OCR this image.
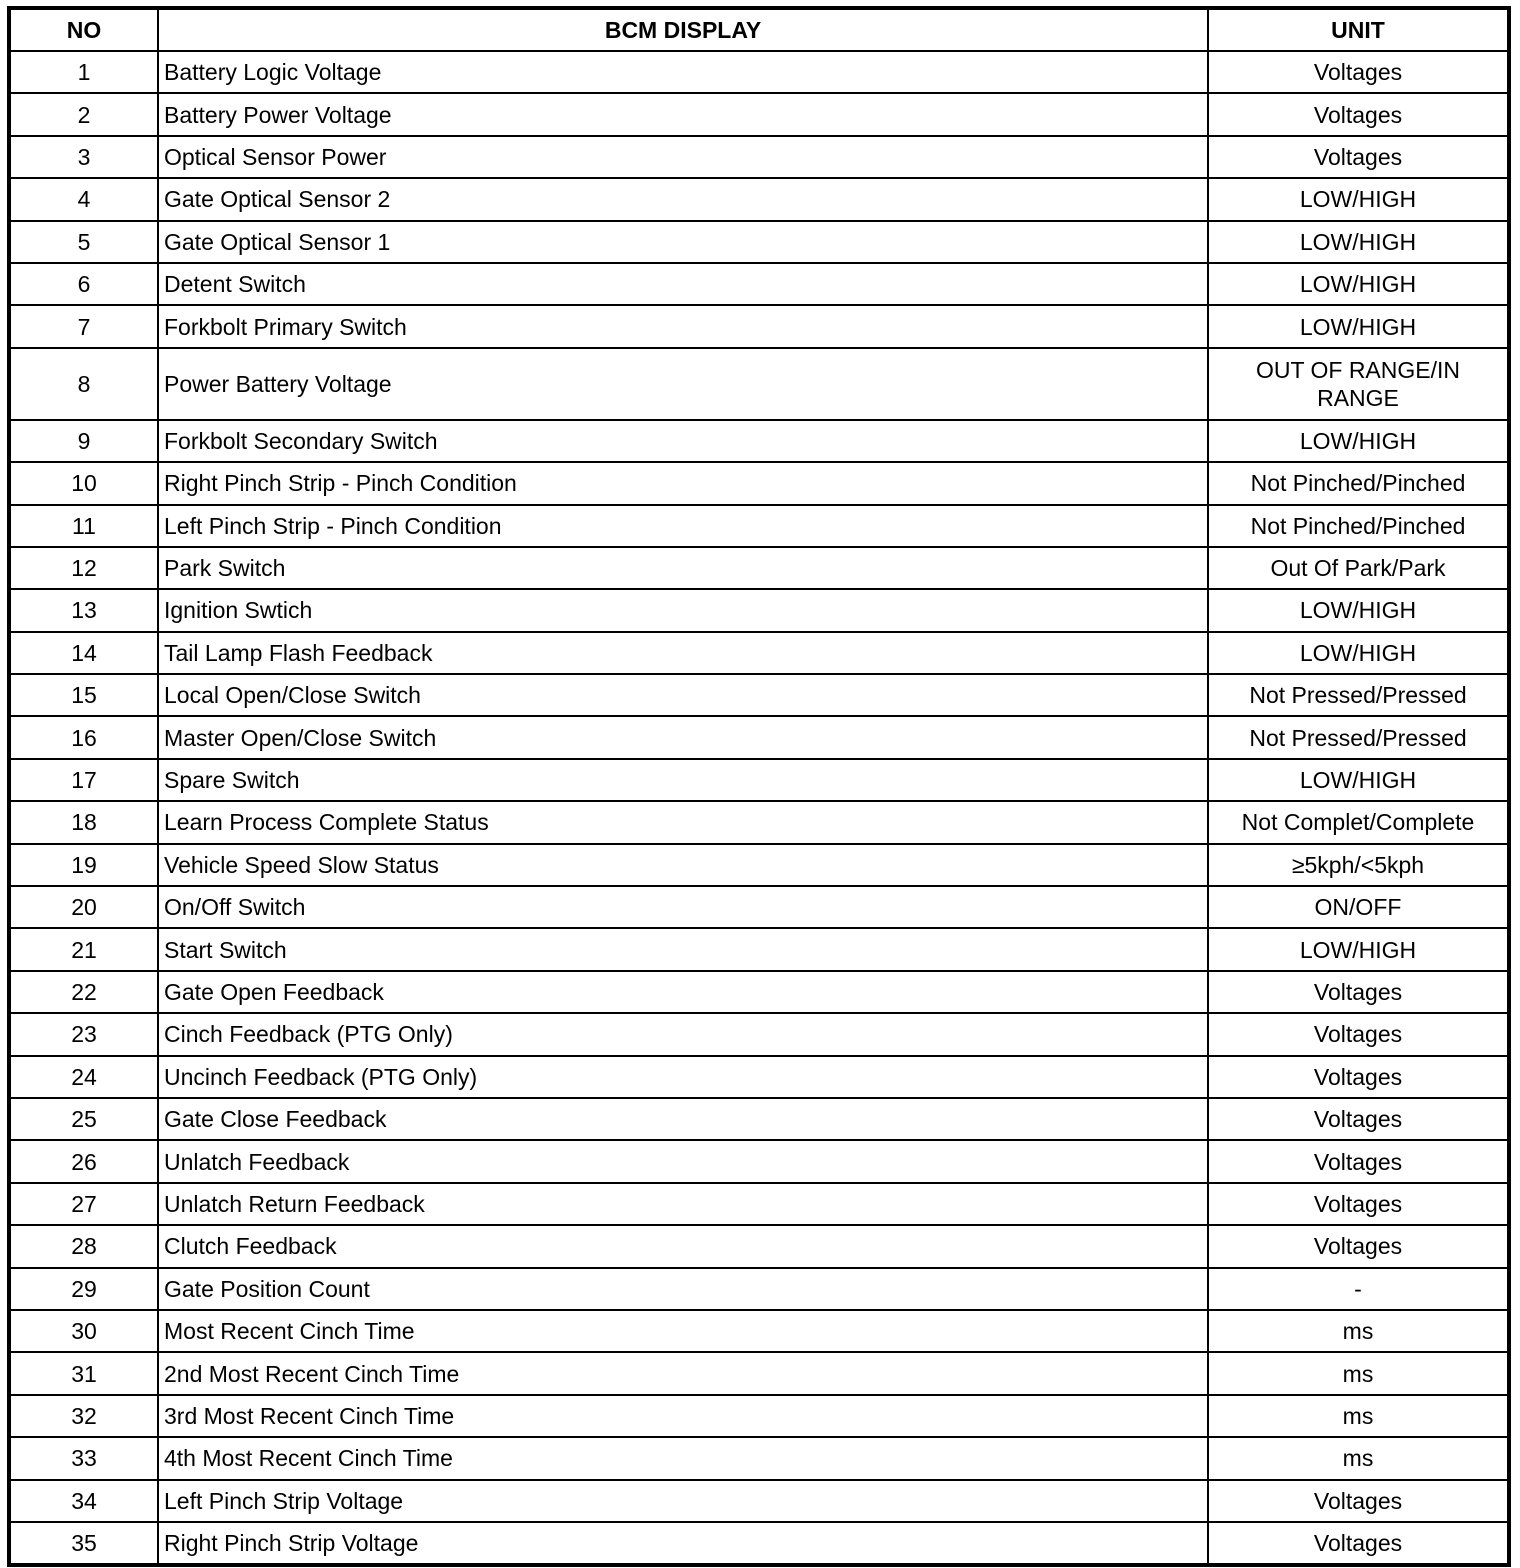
NO	BCM DISPLAY	UNIT
1	Battery Logic Voltage	Voltages
2	Battery Power Voltage	Voltages
3	Optical Sensor Power	Voltages
4	Gate Optical Sensor 2	LOW/HIGH
5	Gate Optical Sensor 1	LOW/HIGH
6	Detent Switch	LOW/HIGH
7	Forkbolt Primary Switch	LOW/HIGH
8	Power Battery Voltage	OUT OF RANGE/IN RANGE
9	Forkbolt Secondary Switch	LOW/HIGH
10	Right Pinch Strip - Pinch Condition	Not Pinched/Pinched
11	Left Pinch Strip - Pinch Condition	Not Pinched/Pinched
12	Park Switch	Out Of Park/Park
13	Ignition Swtich	LOW/HIGH
14	Tail Lamp Flash Feedback	LOW/HIGH
15	Local Open/Close Switch	Not Pressed/Pressed
16	Master Open/Close Switch	Not Pressed/Pressed
17	Spare Switch	LOW/HIGH
18	Learn Process Complete Status	Not Complet/Complete
19	Vehicle Speed Slow Status	≥5kph/<5kph
20	On/Off Switch	ON/OFF
21	Start Switch	LOW/HIGH
22	Gate Open Feedback	Voltages
23	Cinch Feedback (PTG Only)	Voltages
24	Uncinch Feedback (PTG Only)	Voltages
25	Gate Close Feedback	Voltages
26	Unlatch Feedback	Voltages
27	Unlatch Return Feedback	Voltages
28	Clutch Feedback	Voltages
29	Gate Position Count	-
30	Most Recent Cinch Time	ms
31	2nd Most Recent Cinch Time	ms
32	3rd Most Recent Cinch Time	ms
33	4th Most Recent Cinch Time	ms
34	Left Pinch Strip Voltage	Voltages
35	Right Pinch Strip Voltage	Voltages
